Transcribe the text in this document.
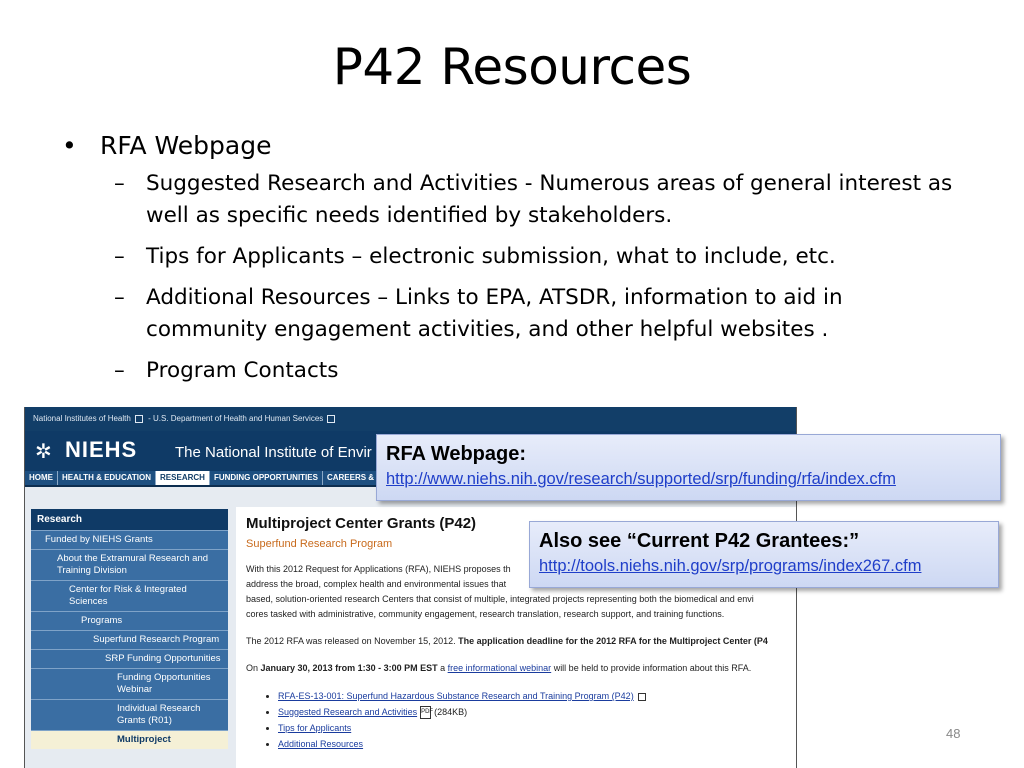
P42 Resources
• RFA Webpage
– Suggested Research and Activities - Numerous areas of general interest as well as specific needs identified by stakeholders.
– Tips for Applicants – electronic submission, what to include, etc.
– Additional Resources – Links to EPA, ATSDR, information to aid in community engagement activities, and other helpful websites .
– Program Contacts
National Institutes of Health - U.S. Department of Health and Human Services
✲ NIEHS	The National Institute of Envir
HOME	HEALTH & EDUCATION	RESEARCH	FUNDING OPPORTUNITIES	CAREERS &
Research
Funded by NIEHS Grants
About the Extramural Research and Training Division
Center for Risk & Integrated Sciences
Programs
Superfund Research Program
SRP Funding Opportunities
Funding Opportunities Webinar
Individual Research Grants (R01)
Multiproject
Multiproject Center Grants (P42)
Superfund Research Program
With this 2012 Request for Applications (RFA), NIEHS proposes th
address the broad, complex health and environmental issues that
based, solution-oriented research Centers that consist of multiple, integrated projects representing both the biomedical and envi
cores tasked with administrative, community engagement, research translation, research support, and training functions.
The 2012 RFA was released on November 15, 2012. The application deadline for the 2012 RFA for the Multiproject Center (P4
On January 30, 2013 from 1:30 - 3:00 PM EST a free informational webinar will be held to provide information about this RFA.
• RFA-ES-13-001: Superfund Hazardous Substance Research and Training Program (P42)
• Suggested Research and Activities PDF(284KB)
• Tips for Applicants
• Additional Resources
RFA Webpage:
http://www.niehs.nih.gov/research/supported/srp/funding/rfa/index.cfm
Also see “Current P42 Grantees:”
http://tools.niehs.nih.gov/srp/programs/index267.cfm
48
